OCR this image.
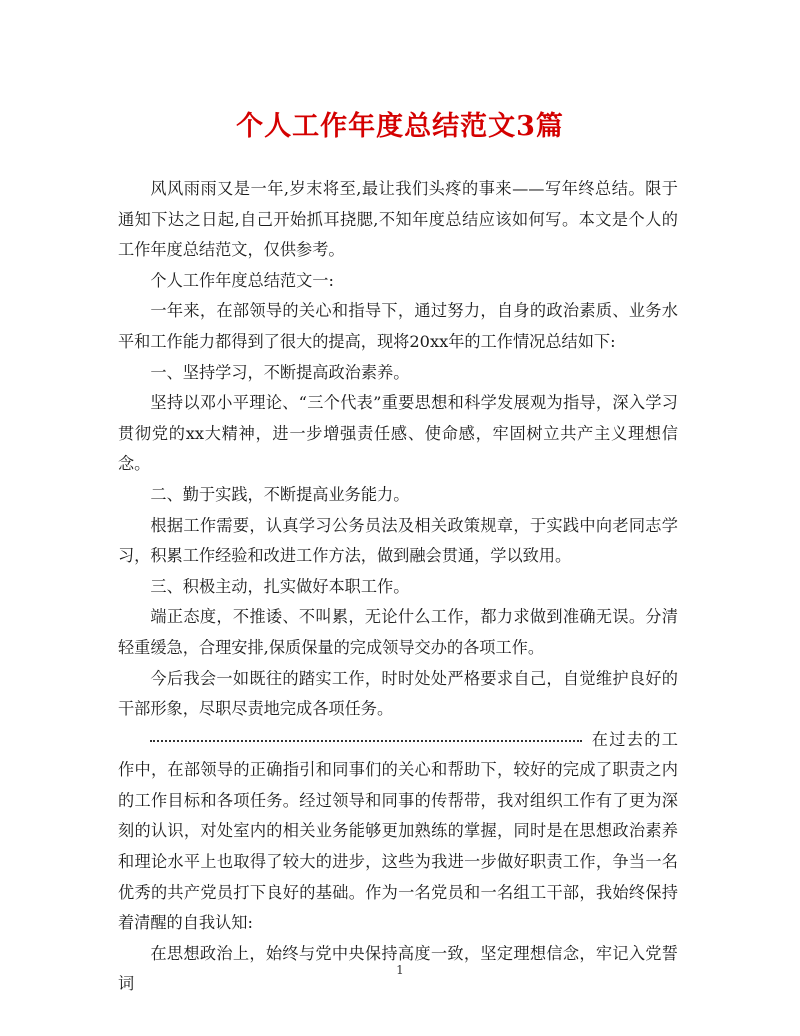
个人工作年度总结范文3篇

风风雨雨又是一年,岁末将至,最让我们头疼的事来——写年终总结。限于通知下达之日起,自己开始抓耳挠腮,不知年度总结应该如何写。本文是个人的工作年度总结范文，仅供参考。

个人工作年度总结范文一:

一年来，在部领导的关心和指导下，通过努力，自身的政治素质、业务水平和工作能力都得到了很大的提高，现将20xx年的工作情况总结如下:

一、坚持学习，不断提高政治素养。

坚持以邓小平理论、“三个代表”重要思想和科学发展观为指导，深入学习贯彻党的xx大精神，进一步增强责任感、使命感，牢固树立共产主义理想信念。

二、勤于实践，不断提高业务能力。

根据工作需要，认真学习公务员法及相关政策规章，于实践中向老同志学习，积累工作经验和改进工作方法，做到融会贯通，学以致用。

三、积极主动，扎实做好本职工作。

端正态度，不推诿、不叫累，无论什么工作，都力求做到准确无误。分清轻重缓急，合理安排,保质保量的完成领导交办的各项工作。

今后我会一如既往的踏实工作，时时处处严格要求自己，自觉维护良好的干部形象，尽职尽责地完成各项任务。

在过去的工作中，在部领导的正确指引和同事们的关心和帮助下，较好的完成了职责之内的工作目标和各项任务。经过领导和同事的传帮带，我对组织工作有了更为深刻的认识，对处室内的相关业务能够更加熟练的掌握，同时是在思想政治素养和理论水平上也取得了较大的进步，这些为我进一步做好职责工作，争当一名优秀的共产党员打下良好的基础。作为一名党员和一名组工干部，我始终保持着清醒的自我认知:

在思想政治上，始终与党中央保持高度一致，坚定理想信念，牢记入党誓词

1
